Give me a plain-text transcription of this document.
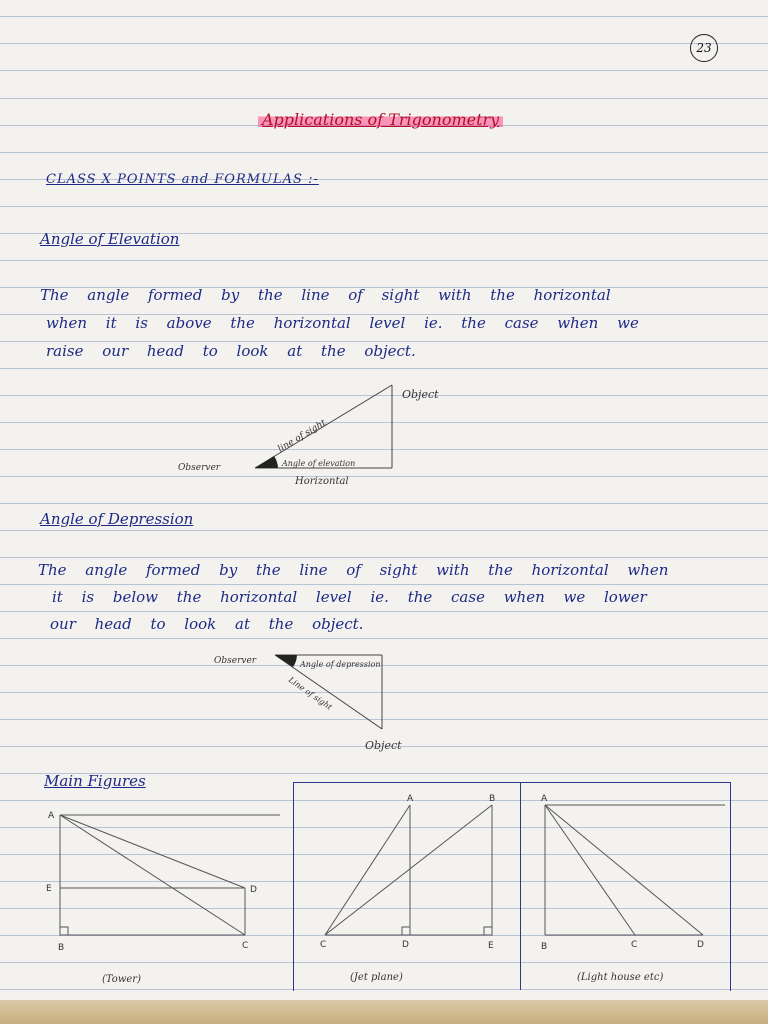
23
Applications of Trigonometry
CLASS X POINTS and FORMULAS :-
Angle of Elevation
The angle formed by the line of sight with the horizontal
when it is above the horizontal level ie. the case when we
raise our head to look at the object.
Object
Observer
line of sight
Angle of elevation
Horizontal
Angle of Depression
The angle formed by the line of sight with the horizontal when
it is below the horizontal level ie. the case when we lower
our head to look at the object.
Observer	Angle of depression
Line of sight
Object
Main Figures
A
E
B	C
D
(Tower)
A	B
C	D	E
(Jet plane)
A
B	C	D
(Light house etc)
